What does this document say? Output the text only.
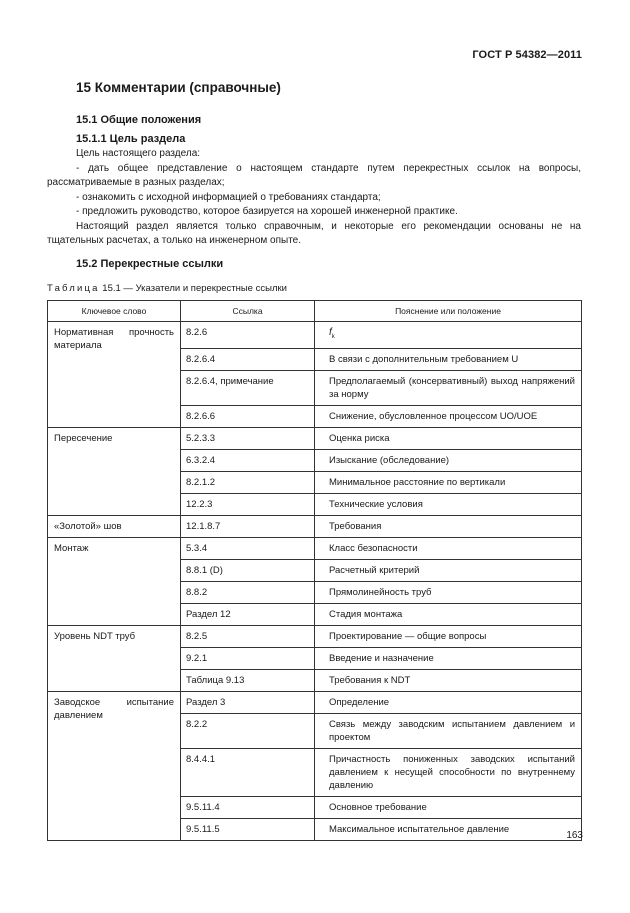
ГОСТ Р 54382—2011
15 Комментарии (справочные)
15.1 Общие положения
15.1.1 Цель раздела

Цель настоящего раздела:

- дать общее представление о настоящем стандарте путем перекрестных ссылок на вопросы, рассматриваемые в разных разделах;

- ознакомить с исходной информацией о требованиях стандарта;

- предложить руководство, которое базируется на хорошей инженерной практике.

Настоящий раздел является только справочным, и некоторые его рекомендации основаны не на тщательных расчетах, а только на инженерном опыте.

15.2 Перекрестные ссылки
Таблица 15.1 — Указатели и перекрестные ссылки
Ключевое слово	Ссылка	Пояснение или положение
Нормативная прочность материала	8.2.6	$f_k$
	8.2.6.4	В связи с дополнительным требованием U
	8.2.6.4, примечание	Предполагаемый (консервативный) выход напряжений за норму
	8.2.6.6	Снижение, обусловленное процессом UO/UOE
Пересечение	5.2.3.3	Оценка риска
	6.3.2.4	Изыскание (обследование)
	8.2.1.2	Минимальное расстояние по вертикали
	12.2.3	Технические условия
«Золотой» шов	12.1.8.7	Требования
Монтаж	5.3.4	Класс безопасности
	8.8.1 (D)	Расчетный критерий
	8.8.2	Прямолинейность труб
	Раздел 12	Стадия монтажа
Уровень NDT труб	8.2.5	Проектирование — общие вопросы
	9.2.1	Введение и назначение
	Таблица 9.13	Требования к NDT
Заводское испытание давлением	Раздел 3	Определение
	8.2.2	Связь между заводским испытанием давлением и проектом
	8.4.4.1	Причастность пониженных заводских испытаний давлением к несущей способности по внутреннему давлению
	9.5.11.4	Основное требование
	9.5.11.5	Максимальное испытательное давление
163
